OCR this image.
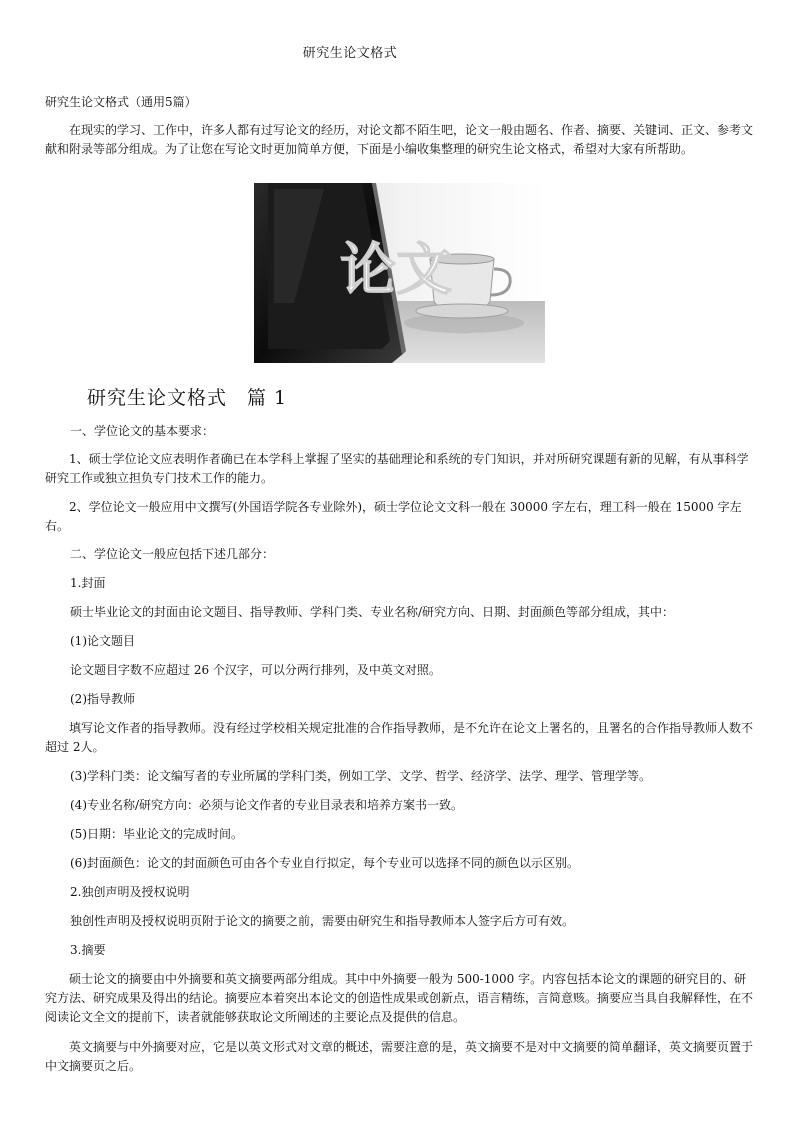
研究生论文格式
研究生论文格式（通用5篇）

在现实的学习、工作中，许多人都有过写论文的经历，对论文都不陌生吧，论文一般由题名、作者、摘要、关键词、正文、参考文献和附录等部分组成。为了让您在写论文时更加简单方便，下面是小编收集整理的研究生论文格式，希望对大家有所帮助。

论文
研究生论文格式　篇 1

一、学位论文的基本要求：

1、硕士学位论文应表明作者确已在本学科上掌握了坚实的基础理论和系统的专门知识，并对所研究课题有新的见解，有从事科学研究工作或独立担负专门技术工作的能力。

2、学位论文一般应用中文撰写(外国语学院各专业除外)，硕士学位论文文科一般在 30000 字左右，理工科一般在 15000 字左右。

二、学位论文一般应包括下述几部分：

1.封面

硕士毕业论文的封面由论文题目、指导教师、学科门类、专业名称/研究方向、日期、封面颜色等部分组成，其中：

(1)论文题目

论文题目字数不应超过 26 个汉字，可以分两行排列，及中英文对照。

(2)指导教师

填写论文作者的指导教师。没有经过学校相关规定批准的合作指导教师，是不允许在论文上署名的，且署名的合作指导教师人数不超过 2人。

(3)学科门类：论文编写者的专业所属的学科门类，例如工学、文学、哲学、经济学、法学、理学、管理学等。

(4)专业名称/研究方向：必须与论文作者的专业目录表和培养方案书一致。

(5)日期：毕业论文的完成时间。

(6)封面颜色：论文的封面颜色可由各个专业自行拟定，每个专业可以选择不同的颜色以示区别。

2.独创声明及授权说明

独创性声明及授权说明页附于论文的摘要之前，需要由研究生和指导教师本人签字后方可有效。

3.摘要

硕士论文的摘要由中外摘要和英文摘要两部分组成。其中中外摘要一般为 500-1000 字。内容包括本论文的课题的研究目的、研究方法、研究成果及得出的结论。摘要应本着突出本论文的创造性成果或创新点，语言精练，言简意赅。摘要应当具自我解释性，在不阅读论文全文的提前下，读者就能够获取论文所阐述的主要论点及提供的信息。

英文摘要与中外摘要对应，它是以英文形式对文章的概述，需要注意的是，英文摘要不是对中文摘要的简单翻译，英文摘要页置于中文摘要页之后。
